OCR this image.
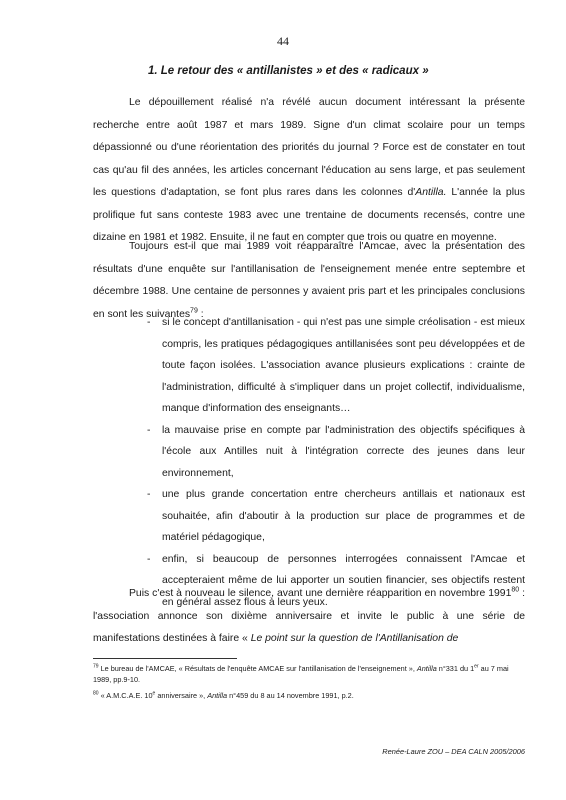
44
1. Le retour des « antillanistes » et des « radicaux »

Le dépouillement réalisé n'a révélé aucun document intéressant la présente recherche entre août 1987 et mars 1989. Signe d'un climat scolaire pour un temps dépassionné ou d'une réorientation des priorités du journal ? Force est de constater en tout cas qu'au fil des années, les articles concernant l'éducation au sens large, et pas seulement les questions d'adaptation, se font plus rares dans les colonnes d'Antilla. L'année la plus prolifique fut sans conteste 1983 avec une trentaine de documents recensés, contre une dizaine en 1981 et 1982. Ensuite, il ne faut en compter que trois ou quatre en moyenne.

Toujours est-il que mai 1989 voit réapparaître l'Amcae, avec la présentation des résultats d'une enquête sur l'antillanisation de l'enseignement menée entre septembre et décembre 1988. Une centaine de personnes y avaient pris part et les principales conclusions en sont les suivantes$^{79}$ :

- si le concept d'antillanisation - qui n'est pas une simple créolisation - est mieux compris, les pratiques pédagogiques antillanisées sont peu développées et de toute façon isolées. L'association avance plusieurs explications : crainte de l'administration, difficulté à s'impliquer dans un projet collectif, individualisme, manque d'information des enseignants…
- la mauvaise prise en compte par l'administration des objectifs spécifiques à l'école aux Antilles nuit à l'intégration correcte des jeunes dans leur environnement,
- une plus grande concertation entre chercheurs antillais et nationaux est souhaitée, afin d'aboutir à la production sur place de programmes et de matériel pédagogique,
- enfin, si beaucoup de personnes interrogées connaissent l'Amcae et accepteraient même de lui apporter un soutien financier, ses objectifs restent en général assez flous à leurs yeux.

Puis c'est à nouveau le silence, avant une dernière réapparition en novembre 1991$^{80}$ : l'association annonce son dixième anniversaire et invite le public à une série de manifestations destinées à faire « Le point sur la question de l'Antillanisation de

$^{79}$ Le bureau de l'AMCAE, « Résultats de l'enquête AMCAE sur l'antillanisation de l'enseignement », Antilla n°331 du 1er au 7 mai 1989, pp.9-10.

$^{80}$ « A.M.C.A.E. 10e anniversaire », Antilla n°459 du 8 au 14 novembre 1991, p.2.

Renée-Laure ZOU – DEA CALN 2005/2006
